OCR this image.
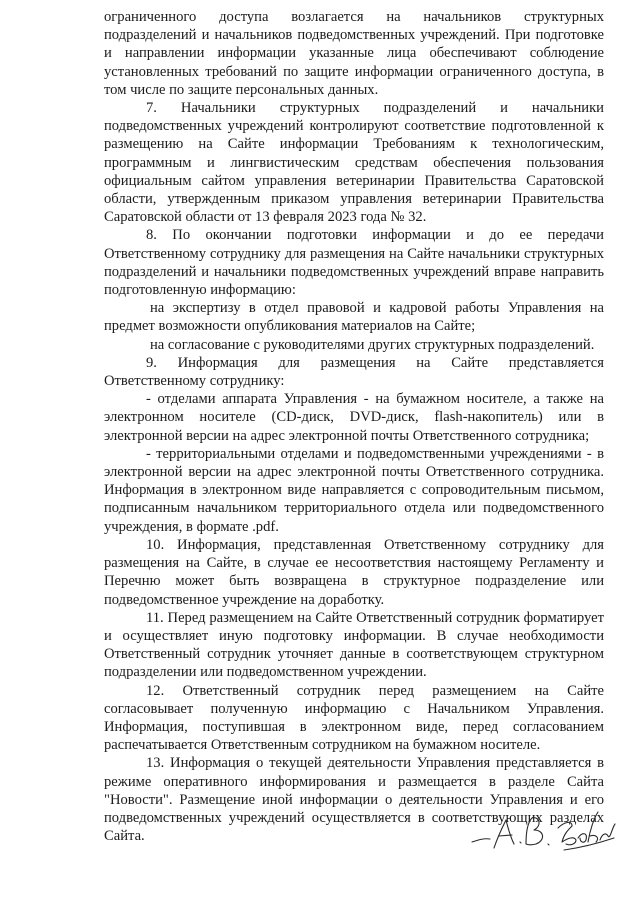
ограниченного доступа возлагается на начальников структурных подразделений и начальников подведомственных учреждений. При подготовке и направлении информации указанные лица обеспечивают соблюдение установленных требований по защите информации ограниченного доступа, в том числе по защите персональных данных.

7. Начальники структурных подразделений и начальники подведомственных учреждений контролируют соответствие подготовленной к размещению на Сайте информации Требованиям к технологическим, программным и лингвистическим средствам обеспечения пользования официальным сайтом управления ветеринарии Правительства Саратовской области, утвержденным приказом управления ветеринарии Правительства Саратовской области от 13 февраля 2023 года № 32.

8. По окончании подготовки информации и до ее передачи Ответственному сотруднику для размещения на Сайте начальники структурных подразделений и начальники подведомственных учреждений вправе направить подготовленную информацию:

на экспертизу в отдел правовой и кадровой работы Управления на предмет возможности опубликования материалов на Сайте;

на согласование с руководителями других структурных подразделений.

9. Информация для размещения на Сайте представляется Ответственному сотруднику:

- отделами аппарата Управления - на бумажном носителе, а также на электронном носителе (CD-диск, DVD-диск, flash-накопитель) или в электронной версии на адрес электронной почты Ответственного сотрудника;

- территориальными отделами и подведомственными учреждениями - в электронной версии на адрес электронной почты Ответственного сотрудника. Информация в электронном виде направляется с сопроводительным письмом, подписанным начальником территориального отдела или подведомственного учреждения, в формате .pdf.

10. Информация, представленная Ответственному сотруднику для размещения на Сайте, в случае ее несоответствия настоящему Регламенту и Перечню может быть возвращена в структурное подразделение или подведомственное учреждение на доработку.

11. Перед размещением на Сайте Ответственный сотрудник форматирует и осуществляет иную подготовку информации. В случае необходимости Ответственный сотрудник уточняет данные в соответствующем структурном подразделении или подведомственном учреждении.

12. Ответственный сотрудник перед размещением на Сайте согласовывает полученную информацию с Начальником Управления. Информация, поступившая в электронном виде, перед согласованием распечатывается Ответственным сотрудником на бумажном носителе.

13. Информация о текущей деятельности Управления представляется в режиме оперативного информирования и размещается в разделе Сайта "Новости". Размещение иной информации о деятельности Управления и его подведомственных учреждений осуществляется в соответствующих разделах Сайта.
